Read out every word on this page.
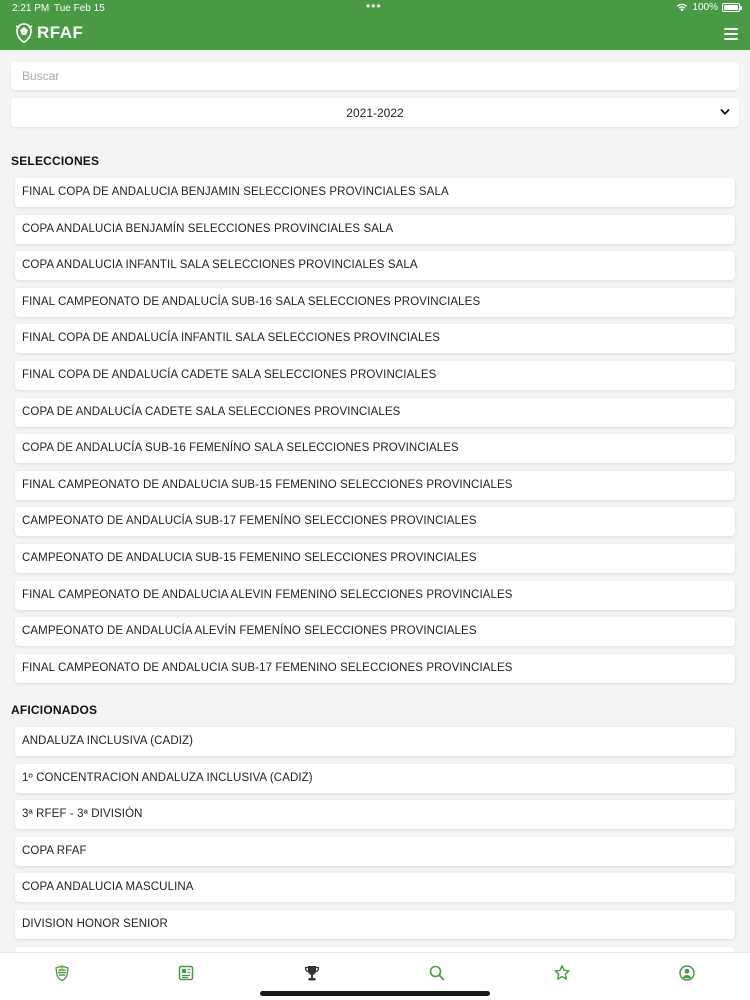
2:21 PM Tue Feb 15	•••	100%
RFAF
Buscar
2021-2022
SELECCIONES
FINAL COPA DE ANDALUCIA BENJAMIN SELECCIONES PROVINCIALES SALA
COPA ANDALUCIA BENJAMÍN SELECCIONES PROVINCIALES SALA
COPA ANDALUCIA INFANTIL SALA SELECCIONES PROVINCIALES SALA
FINAL CAMPEONATO DE ANDALUCÍA SUB-16 SALA SELECCIONES PROVINCIALES
FINAL COPA DE ANDALUCÍA INFANTIL SALA SELECCIONES PROVINCIALES
FINAL COPA DE ANDALUCÍA CADETE SALA SELECCIONES PROVINCIALES
COPA DE ANDALUCÍA CADETE SALA SELECCIONES PROVINCIALES
COPA DE ANDALUCÍA SUB-16 FEMENÍNO SALA SELECCIONES PROVINCIALES
FINAL CAMPEONATO DE ANDALUCIA SUB-15 FEMENINO SELECCIONES PROVINCIALES
CAMPEONATO DE ANDALUCÍA SUB-17 FEMENÍNO SELECCIONES PROVINCIALES
CAMPEONATO DE ANDALUCIA SUB-15 FEMENINO SELECCIONES PROVINCIALES
FINAL CAMPEONATO DE ANDALUCIA ALEVIN FEMENINO SELECCIONES PROVINCIALES
CAMPEONATO DE ANDALUCÍA ALEVÍN FEMENÍNO SELECCIONES PROVINCIALES
FINAL CAMPEONATO DE ANDALUCIA SUB-17 FEMENINO SELECCIONES PROVINCIALES
AFICIONADOS
ANDALUZA INCLUSIVA (CADIZ)
1º CONCENTRACION ANDALUZA INCLUSIVA (CADIZ)
3ª RFEF - 3ª DIVISIÓN
COPA RFAF
COPA ANDALUCIA MASCULINA
DIVISION HONOR SENIOR
